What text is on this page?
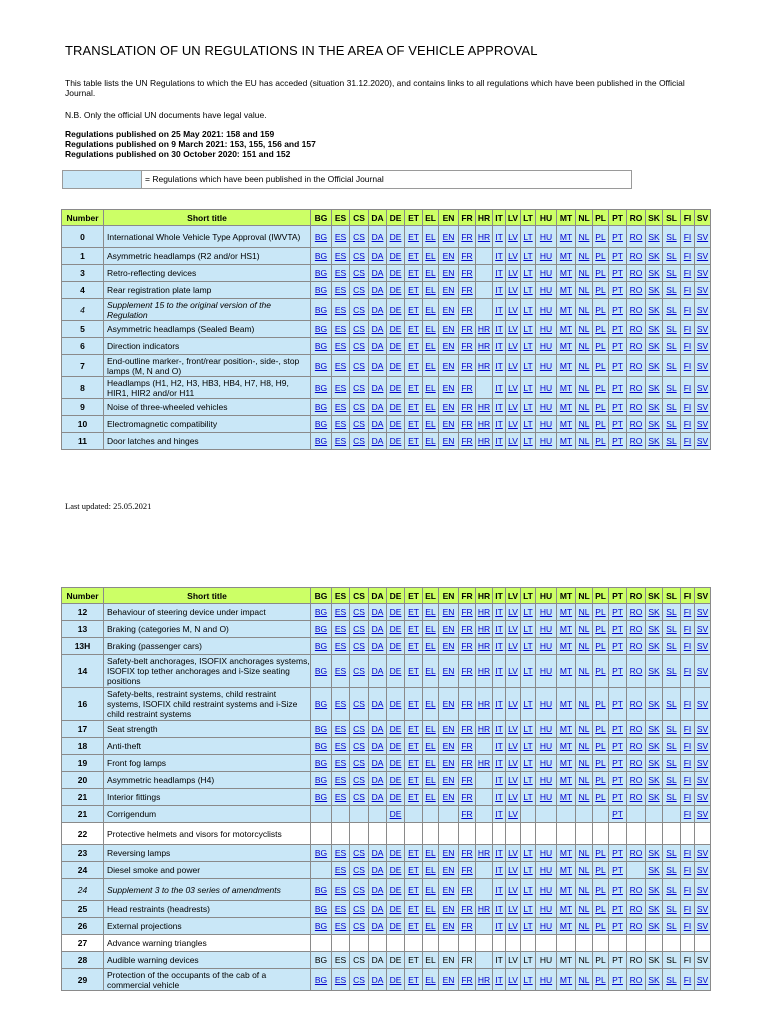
TRANSLATION OF UN REGULATIONS IN THE AREA OF VEHICLE APPROVAL
This table lists the UN Regulations to which the EU has acceded (situation 31.12.2020), and contains links to all regulations which have been published in the Official Journal.
N.B. Only the official UN documents have legal value.
Regulations published on 25 May 2021: 158 and 159
Regulations published on 9 March 2021: 153, 155, 156 and 157
Regulations published on 30 October 2020: 151 and 152
= Regulations which have been published in the Official Journal
Number	Short title	BG	ES	CS	DA	DE	ET	EL	EN	FR	HR	IT	LV	LT	HU	MT	NL	PL	PT	RO	SK	SL	FI	SV
0	International Whole Vehicle Type Approval (IWVTA)	BG	ES	CS	DA	DE	ET	EL	EN	FR	HR	IT	LV	LT	HU	MT	NL	PL	PT	RO	SK	SL	FI	SV
1	Asymmetric headlamps (R2 and/or HS1)	BG	ES	CS	DA	DE	ET	EL	EN	FR		IT	LV	LT	HU	MT	NL	PL	PT	RO	SK	SL	FI	SV
3	Retro-reflecting devices	BG	ES	CS	DA	DE	ET	EL	EN	FR		IT	LV	LT	HU	MT	NL	PL	PT	RO	SK	SL	FI	SV
4	Rear registration plate lamp	BG	ES	CS	DA	DE	ET	EL	EN	FR		IT	LV	LT	HU	MT	NL	PL	PT	RO	SK	SL	FI	SV
4	Supplement 15 to the original version of the Regulation	BG	ES	CS	DA	DE	ET	EL	EN	FR		IT	LV	LT	HU	MT	NL	PL	PT	RO	SK	SL	FI	SV
5	Asymmetric headlamps (Sealed Beam)	BG	ES	CS	DA	DE	ET	EL	EN	FR	HR	IT	LV	LT	HU	MT	NL	PL	PT	RO	SK	SL	FI	SV
6	Direction indicators	BG	ES	CS	DA	DE	ET	EL	EN	FR	HR	IT	LV	LT	HU	MT	NL	PL	PT	RO	SK	SL	FI	SV
7	End-outline marker-, front/rear position-, side-, stop lamps (M, N and O)	BG	ES	CS	DA	DE	ET	EL	EN	FR	HR	IT	LV	LT	HU	MT	NL	PL	PT	RO	SK	SL	FI	SV
8	Headlamps (H1, H2, H3, HB3, HB4, H7, H8, H9, HIR1, HIR2 and/or H11	BG	ES	CS	DA	DE	ET	EL	EN	FR		IT	LV	LT	HU	MT	NL	PL	PT	RO	SK	SL	FI	SV
9	Noise of three-wheeled vehicles	BG	ES	CS	DA	DE	ET	EL	EN	FR	HR	IT	LV	LT	HU	MT	NL	PL	PT	RO	SK	SL	FI	SV
10	Electromagnetic compatibility	BG	ES	CS	DA	DE	ET	EL	EN	FR	HR	IT	LV	LT	HU	MT	NL	PL	PT	RO	SK	SL	FI	SV
11	Door latches and hinges	BG	ES	CS	DA	DE	ET	EL	EN	FR	HR	IT	LV	LT	HU	MT	NL	PL	PT	RO	SK	SL	FI	SV
Last updated: 25.05.2021
Number	Short title	BG	ES	CS	DA	DE	ET	EL	EN	FR	HR	IT	LV	LT	HU	MT	NL	PL	PT	RO	SK	SL	FI	SV
12	Behaviour of steering device under impact	BG	ES	CS	DA	DE	ET	EL	EN	FR	HR	IT	LV	LT	HU	MT	NL	PL	PT	RO	SK	SL	FI	SV
13	Braking (categories M, N and O)	BG	ES	CS	DA	DE	ET	EL	EN	FR	HR	IT	LV	LT	HU	MT	NL	PL	PT	RO	SK	SL	FI	SV
13H	Braking (passenger cars)	BG	ES	CS	DA	DE	ET	EL	EN	FR	HR	IT	LV	LT	HU	MT	NL	PL	PT	RO	SK	SL	FI	SV
14	Safety-belt anchorages, ISOFIX anchorages systems, ISOFIX top tether anchorages and i-Size seating positions	BG	ES	CS	DA	DE	ET	EL	EN	FR	HR	IT	LV	LT	HU	MT	NL	PL	PT	RO	SK	SL	FI	SV
16	Safety-belts, restraint systems, child restraint systems, ISOFIX child restraint systems and i-Size child restraint systems	BG	ES	CS	DA	DE	ET	EL	EN	FR	HR	IT	LV	LT	HU	MT	NL	PL	PT	RO	SK	SL	FI	SV
17	Seat strength	BG	ES	CS	DA	DE	ET	EL	EN	FR	HR	IT	LV	LT	HU	MT	NL	PL	PT	RO	SK	SL	FI	SV
18	Anti-theft	BG	ES	CS	DA	DE	ET	EL	EN	FR		IT	LV	LT	HU	MT	NL	PL	PT	RO	SK	SL	FI	SV
19	Front fog lamps	BG	ES	CS	DA	DE	ET	EL	EN	FR	HR	IT	LV	LT	HU	MT	NL	PL	PT	RO	SK	SL	FI	SV
20	Asymmetric headlamps (H4)	BG	ES	CS	DA	DE	ET	EL	EN	FR		IT	LV	LT	HU	MT	NL	PL	PT	RO	SK	SL	FI	SV
21	Interior fittings	BG	ES	CS	DA	DE	ET	EL	EN	FR		IT	LV	LT	HU	MT	NL	PL	PT	RO	SK	SL	FI	SV
21	Corrigendum					DE				FR		IT	LV						PT				FI	SV
22	Protective helmets and visors for motorcyclists																							
23	Reversing lamps	BG	ES	CS	DA	DE	ET	EL	EN	FR	HR	IT	LV	LT	HU	MT	NL	PL	PT	RO	SK	SL	FI	SV
24	Diesel smoke and power		ES	CS	DA	DE	ET	EL	EN	FR		IT	LV	LT	HU	MT	NL	PL	PT		SK	SL	FI	SV
24	Supplement 3 to the 03 series of amendments	BG	ES	CS	DA	DE	ET	EL	EN	FR		IT	LV	LT	HU	MT	NL	PL	PT	RO	SK	SL	FI	SV
25	Head restraints (headrests)	BG	ES	CS	DA	DE	ET	EL	EN	FR	HR	IT	LV	LT	HU	MT	NL	PL	PT	RO	SK	SL	FI	SV
26	External projections	BG	ES	CS	DA	DE	ET	EL	EN	FR		IT	LV	LT	HU	MT	NL	PL	PT	RO	SK	SL	FI	SV
27	Advance warning triangles																							
28	Audible warning devices	BG	ES	CS	DA	DE	ET	EL	EN	FR		IT	LV	LT	HU	MT	NL	PL	PT	RO	SK	SL	FI	SV
29	Protection of the occupants of the cab of a commercial vehicle	BG	ES	CS	DA	DE	ET	EL	EN	FR	HR	IT	LV	LT	HU	MT	NL	PL	PT	RO	SK	SL	FI	SV
